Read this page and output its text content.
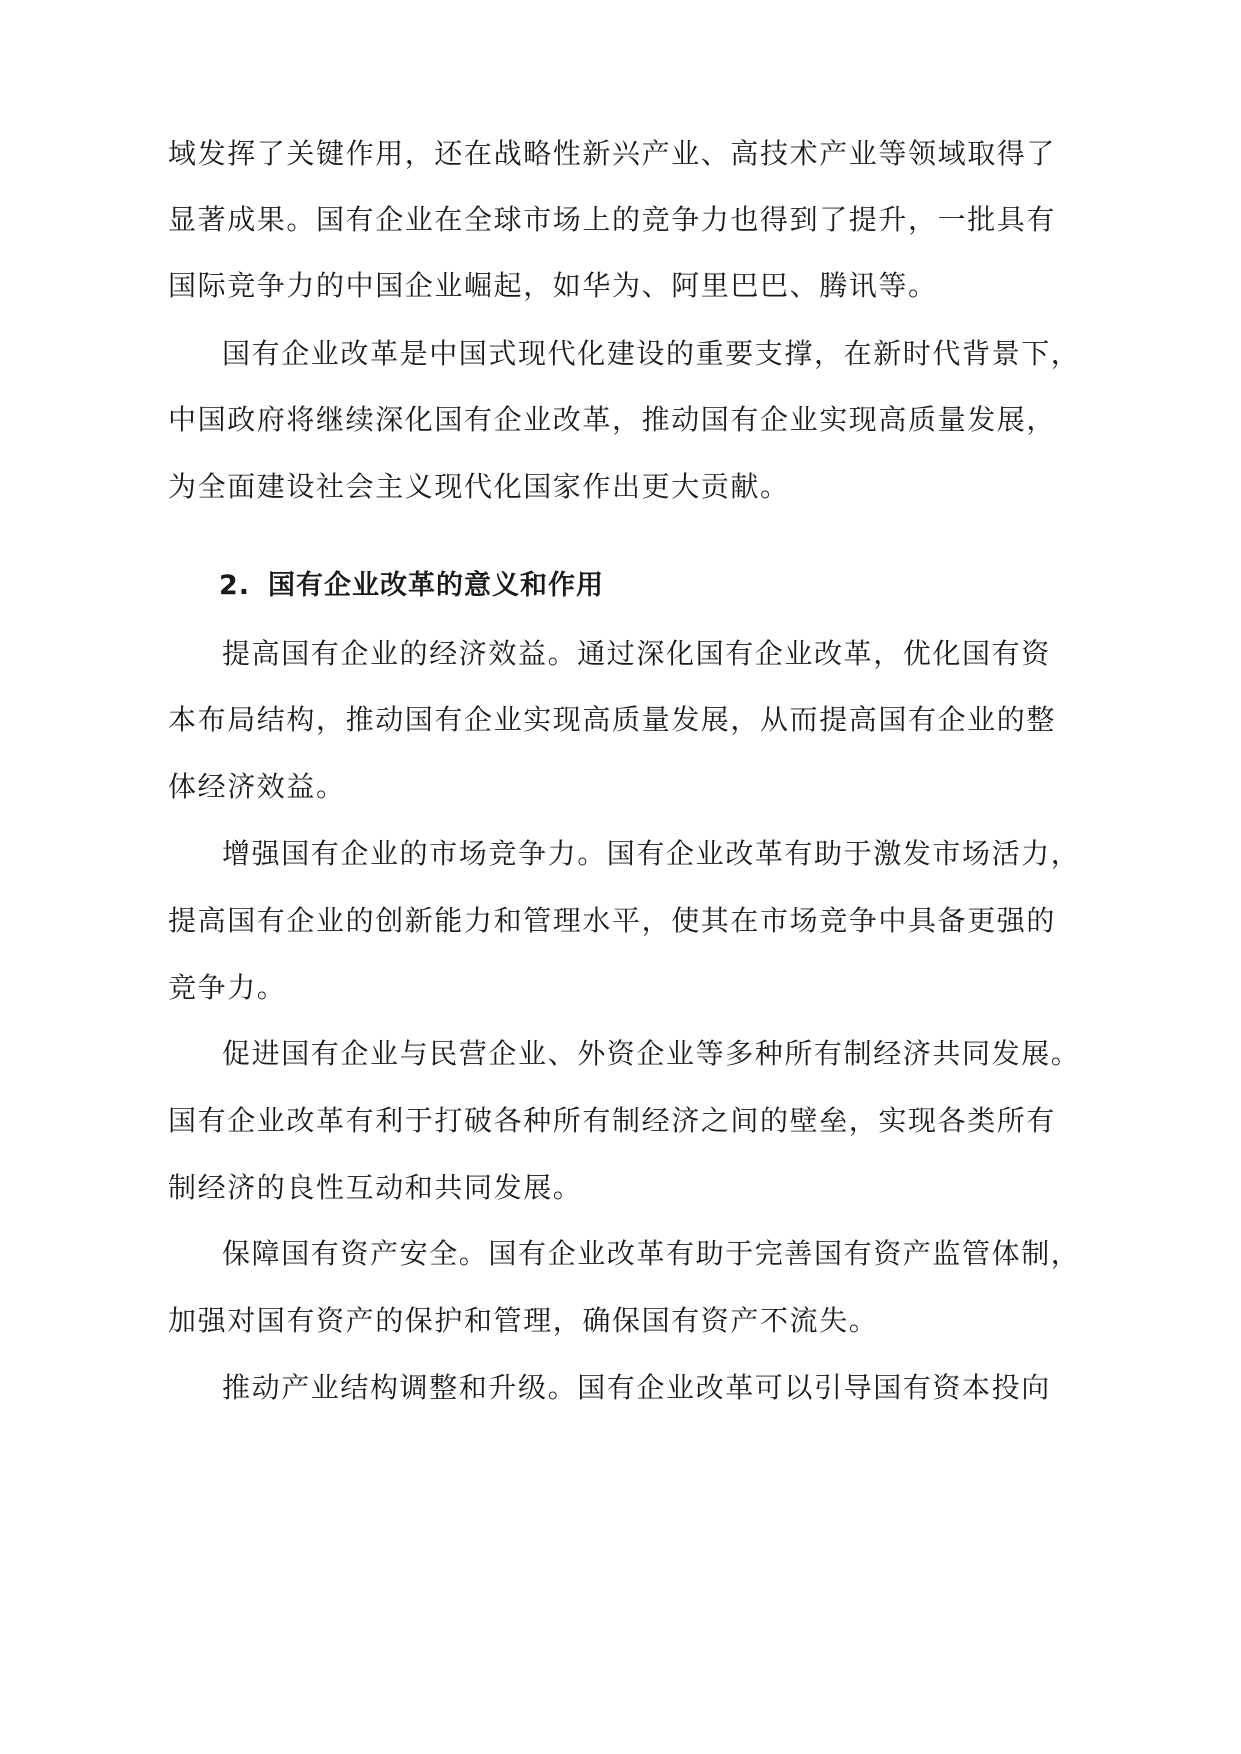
域发挥了关键作用，还在战略性新兴产业、高技术产业等领域取得了
显著成果。国有企业在全球市场上的竞争力也得到了提升，一批具有
国际竞争力的中国企业崛起，如华为、阿里巴巴、腾讯等。
国有企业改革是中国式现代化建设的重要支撑，在新时代背景下，
中国政府将继续深化国有企业改革，推动国有企业实现高质量发展，
为全面建设社会主义现代化国家作出更大贡献。
2. 国有企业改革的意义和作用
提高国有企业的经济效益。通过深化国有企业改革，优化国有资
本布局结构，推动国有企业实现高质量发展，从而提高国有企业的整
体经济效益。
增强国有企业的市场竞争力。国有企业改革有助于激发市场活力，
提高国有企业的创新能力和管理水平，使其在市场竞争中具备更强的
竞争力。
促进国有企业与民营企业、外资企业等多种所有制经济共同发展。
国有企业改革有利于打破各种所有制经济之间的壁垒，实现各类所有
制经济的良性互动和共同发展。
保障国有资产安全。国有企业改革有助于完善国有资产监管体制，
加强对国有资产的保护和管理，确保国有资产不流失。
推动产业结构调整和升级。国有企业改革可以引导国有资本投向
